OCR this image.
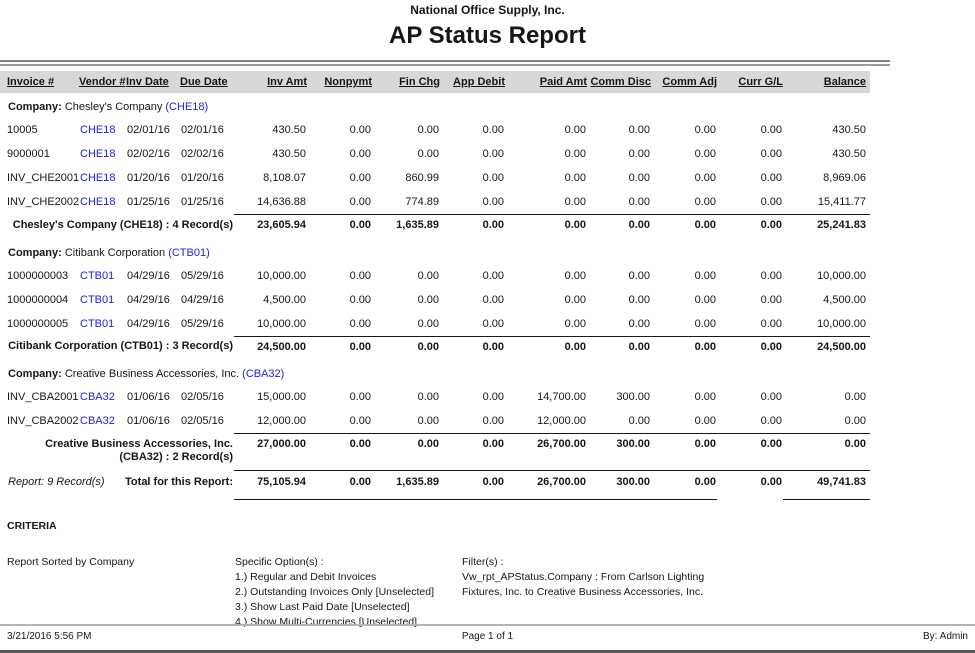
National Office Supply, Inc.
AP Status Report
Invoice #	Vendor #	Inv Date	Due Date	Inv Amt	Nonpymt	Fin Chg	App Debit	Paid Amt	Comm Disc	Comm Adj	Curr G/L	Balance

Company: Chesley's Company (CHE18)												

10005	CHE18	02/01/16	02/01/16	430.50	0.00	0.00	0.00	0.00	0.00	0.00	0.00	430.50
9000001	CHE18	02/02/16	02/02/16	430.50	0.00	0.00	0.00	0.00	0.00	0.00	0.00	430.50
INV_CHE2001	CHE18	01/20/16	01/20/16	8,108.07	0.00	860.99	0.00	0.00	0.00	0.00	0.00	8,969.06
INV_CHE2002	CHE18	01/25/16	01/25/16	14,636.88	0.00	774.89	0.00	0.00	0.00	0.00	0.00	15,411.77

Chesley's Company (CHE18) : 4 Record(s)				23,605.94	0.00	1,635.89	0.00	0.00	0.00	0.00	0.00	25,241.83

Company: Citibank Corporation (CTB01)												

1000000003	CTB01	04/29/16	05/29/16	10,000.00	0.00	0.00	0.00	0.00	0.00	0.00	0.00	10,000.00
1000000004	CTB01	04/29/16	04/29/16	4,500.00	0.00	0.00	0.00	0.00	0.00	0.00	0.00	4,500.00
1000000005	CTB01	04/29/16	05/29/16	10,000.00	0.00	0.00	0.00	0.00	0.00	0.00	0.00	10,000.00

Citibank Corporation (CTB01) : 3 Record(s)				24,500.00	0.00	0.00	0.00	0.00	0.00	0.00	0.00	24,500.00

Company: Creative Business Accessories, Inc. (CBA32)												

INV_CBA2001	CBA32	01/06/16	02/05/16	15,000.00	0.00	0.00	0.00	14,700.00	300.00	0.00	0.00	0.00
INV_CBA2002	CBA32	01/06/16	02/05/16	12,000.00	0.00	0.00	0.00	12,000.00	0.00	0.00	0.00	0.00

Creative Business Accessories, Inc. (CBA32) : 2 Record(s)				27,000.00	0.00	0.00	0.00	26,700.00	300.00	0.00	0.00	0.00

Report: 9 Record(s) Total for this Report:				75,105.94	0.00	1,635.89	0.00	26,700.00	300.00	0.00	0.00	49,741.83
CRITERIA
Report Sorted by Company	Specific Option(s) :
1.) Regular and Debit Invoices
2.) Outstanding Invoices Only [Unselected]
3.) Show Last Paid Date [Unselected]
4.) Show Multi-Currencies [Unselected]
Filter(s) :
Vw_rpt_APStatus.Company : From Carlson Lighting Fixtures, Inc. to Creative Business Accessories, Inc.
3/21/2016 5:56 PM	Page 1 of 1	By: Admin
